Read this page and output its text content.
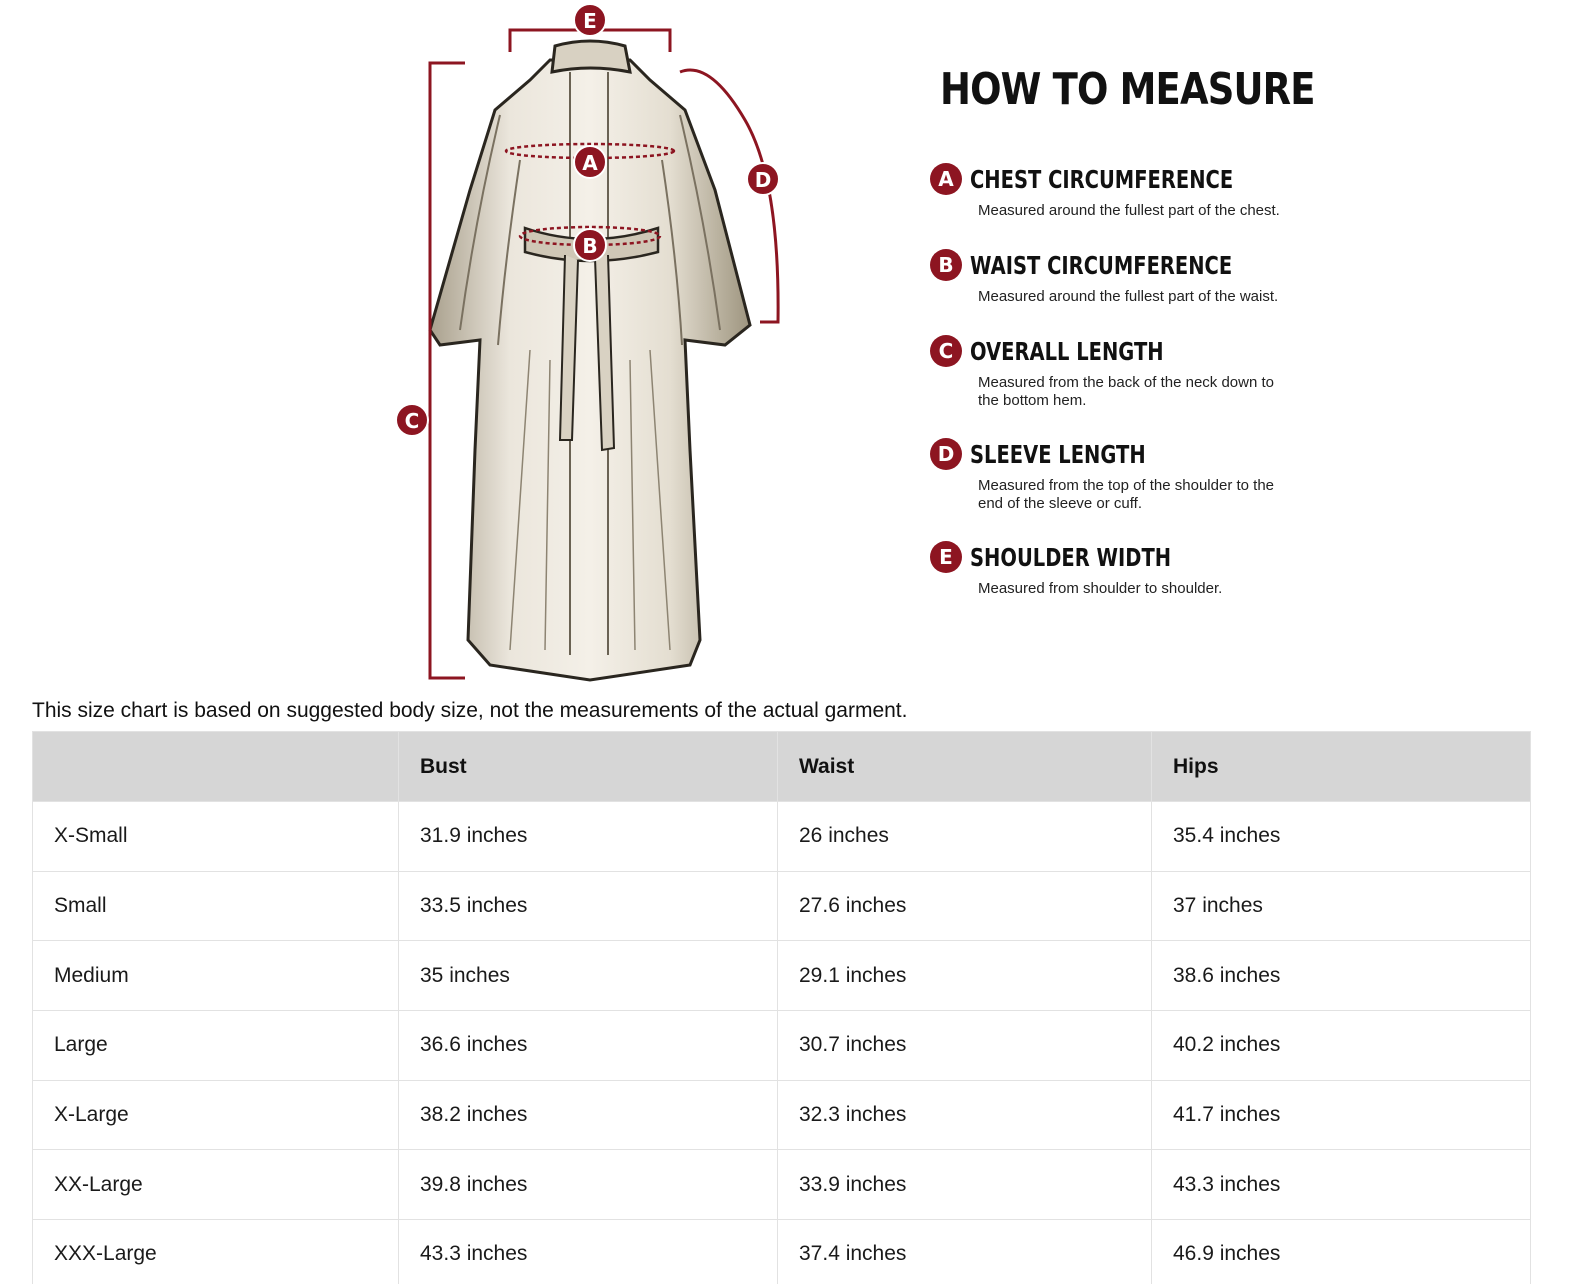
E
A
D
B
C
HOW TO MEASURE
A CHEST CIRCUMFERENCE
Measured around the fullest part of the chest.
B WAIST CIRCUMFERENCE
Measured around the fullest part of the waist.
C OVERALL LENGTH
Measured from the back of the neck down to the bottom hem.
D SLEEVE LENGTH
Measured from the top of the shoulder to the end of the sleeve or cuff.
E SHOULDER WIDTH
Measured from shoulder to shoulder.
This size chart is based on suggested body size, not the measurements of the actual garment.
	Bust	Waist	Hips
X-Small	31.9 inches	26 inches	35.4 inches
Small	33.5 inches	27.6 inches	37 inches
Medium	35 inches	29.1 inches	38.6 inches
Large	36.6 inches	30.7 inches	40.2 inches
X-Large	38.2 inches	32.3 inches	41.7 inches
XX-Large	39.8 inches	33.9 inches	43.3 inches
XXX-Large	43.3 inches	37.4 inches	46.9 inches
